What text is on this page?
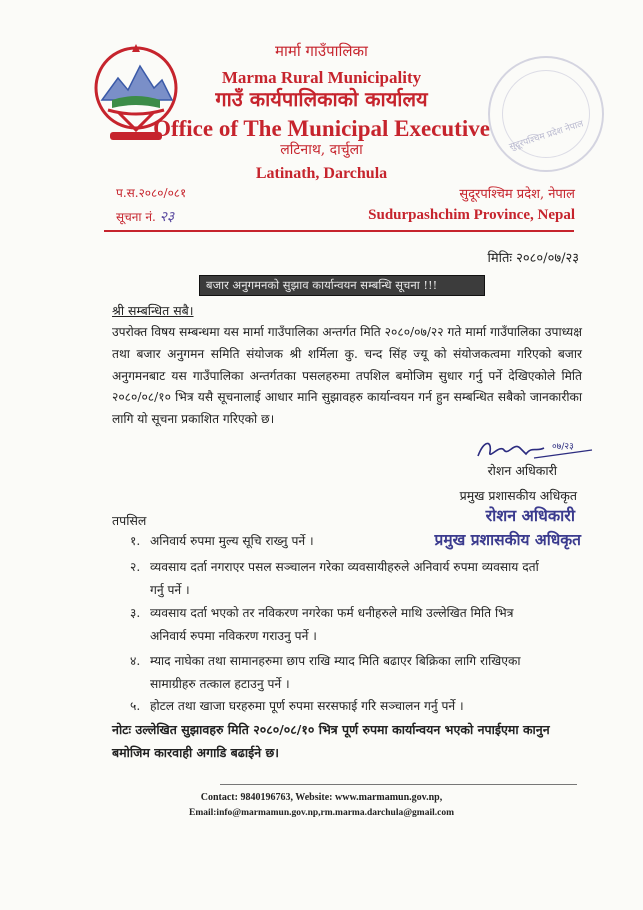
मार्मा गाउँपालिका
Marma Rural Municipality
गाउँ कार्यपालिकाको कार्यालय
Office of The Municipal Executive
लटिनाथ, दार्चुला
Latinath, Darchula
सुदूरपश्चिम प्रदेश नेपाल
प.स.२०८०/०८१
सूचना नं. २३
सुदूरपश्चिम प्रदेश, नेपाल
Sudurpashchim Province, Nepal
मितिः २०८०/०७/२३
बजार अनुगमनको सुझाव कार्यान्वयन सम्बन्धि सूचना !!!
श्री सम्बन्धित सबै।
उपरोक्त विषय सम्बन्धमा यस मार्मा गाउँपालिका अन्तर्गत मिति २०८०/०७/२२ गते मार्मा गाउँपालिका उपाध्यक्ष तथा बजार अनुगमन समिति संयोजक श्री शर्मिला कु. चन्द सिंह ज्यू को संयोजकत्वमा गरिएको बजार अनुगमनबाट यस गाउँपालिका अन्तर्गतका पसलहरुमा तपशिल बमोजिम सुधार गर्नु पर्ने देखिएकोले मिति २०८०/०८/१० भित्र यसै सूचनालाई आधार मानि सुझावहरु कार्यान्वयन गर्न हुन सम्बन्धित सबैको जानकारीका लागि यो सूचना प्रकाशित गरिएको छ।
०७/२३
रोशन अधिकारी
प्रमुख प्रशासकीय अधिकृत
रोशन अधिकारी
प्रमुख प्रशासकीय अधिकृत
तपसिल
१. अनिवार्य रुपमा मुल्य सूचि राख्नु पर्ने ।
२. व्यवसाय दर्ता नगराएर पसल सञ्चालन गरेका व्यवसायीहरुले अनिवार्य रुपमा व्यवसाय दर्ता
गर्नु पर्ने ।
३. व्यवसाय दर्ता भएको तर नविकरण नगरेका फर्म धनीहरुले माथि उल्लेखित मिति भित्र
अनिवार्य रुपमा नविकरण गराउनु पर्ने ।
४. म्याद नाघेका तथा सामानहरुमा छाप राखि म्याद मिति बढाएर बिक्रिका लागि राखिएका
सामाग्रीहरु तत्काल हटाउनु पर्ने ।
५. होटल तथा खाजा घरहरुमा पूर्ण रुपमा सरसफाई गरि सञ्चालन गर्नु पर्ने ।
नोटः उल्लेखित सुझावहरु मिति २०८०/०८/१० भित्र पूर्ण रुपमा कार्यान्वयन भएको नपाईएमा कानुन बमोजिम कारवाही अगाडि बढाईने छ।
Contact: 9840196763, Website: www.marmamun.gov.np,
Email:info@marmamun.gov.np,rm.marma.darchula@gmail.com
